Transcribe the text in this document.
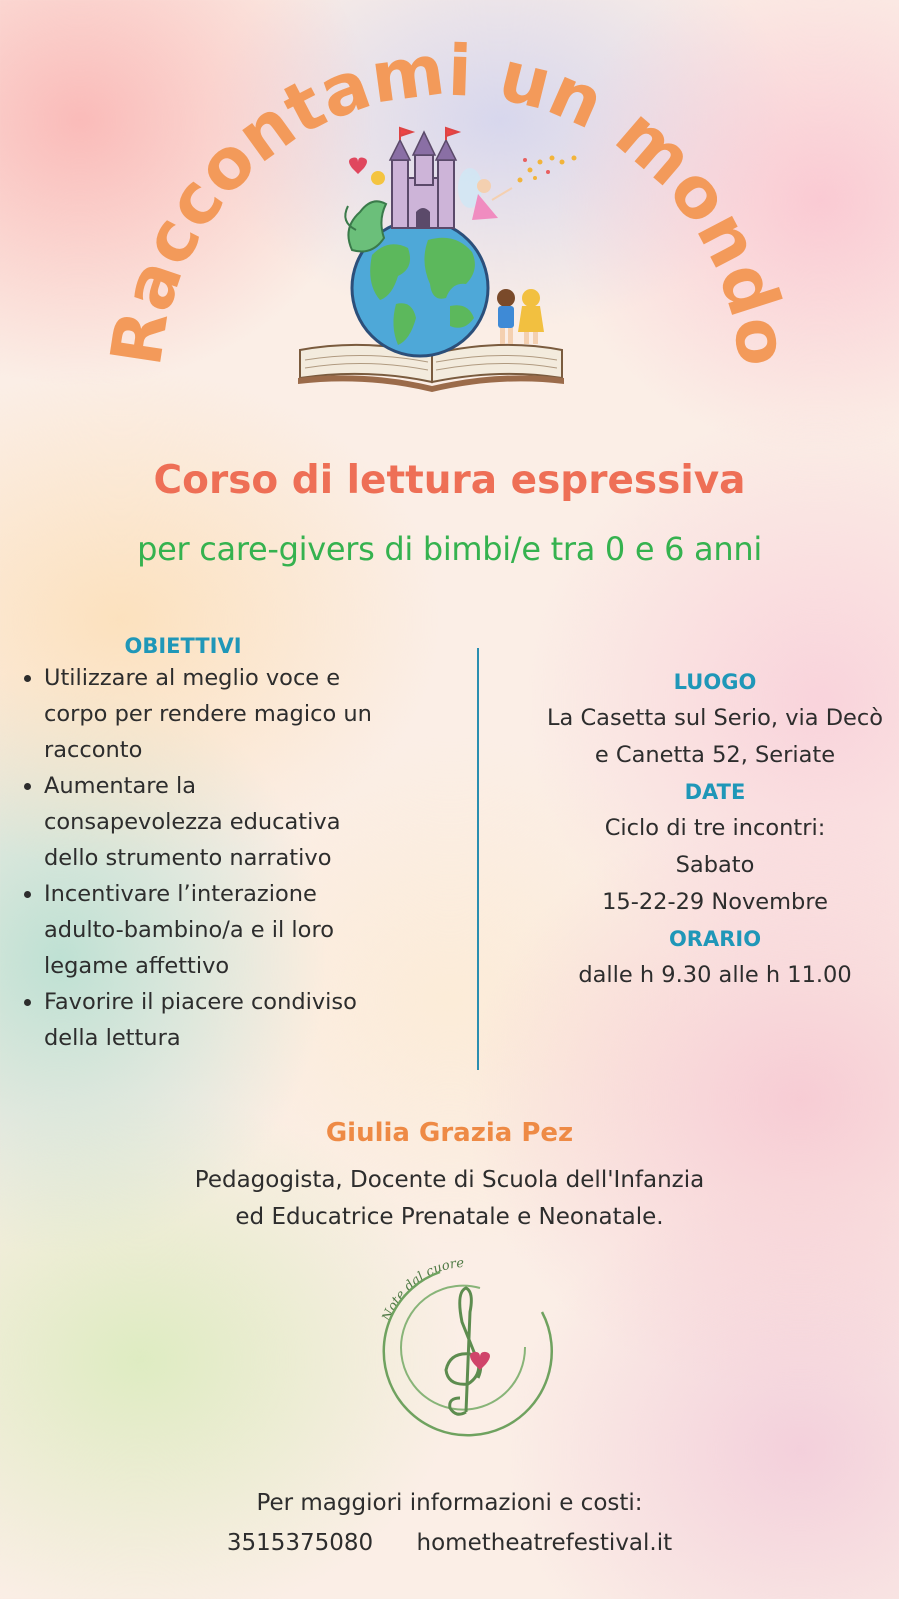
Raccontami un mondo
Corso di lettura espressiva
per care-givers di bimbi/e tra 0 e 6 anni
OBIETTIVI
• Utilizzare al meglio voce e corpo per rendere magico un racconto
• Aumentare la consapevolezza educativa dello strumento narrativo
• Incentivare l’interazione adulto-bambino/a e il loro legame affettivo
• Favorire il piacere condiviso della lettura
LUOGO
La Casetta sul Serio, via Decò
e Canetta 52, Seriate
DATE
Ciclo di tre incontri:
Sabato
15-22-29 Novembre
ORARIO
dalle h 9.30 alle h 11.00
Giulia Grazia Pez
Pedagogista, Docente di Scuola dell'Infanzia
ed Educatrice Prenatale e Neonatale.
Note dal cuore
Per maggiori informazioni e costi:
3515375080 hometheatrefestival.it
